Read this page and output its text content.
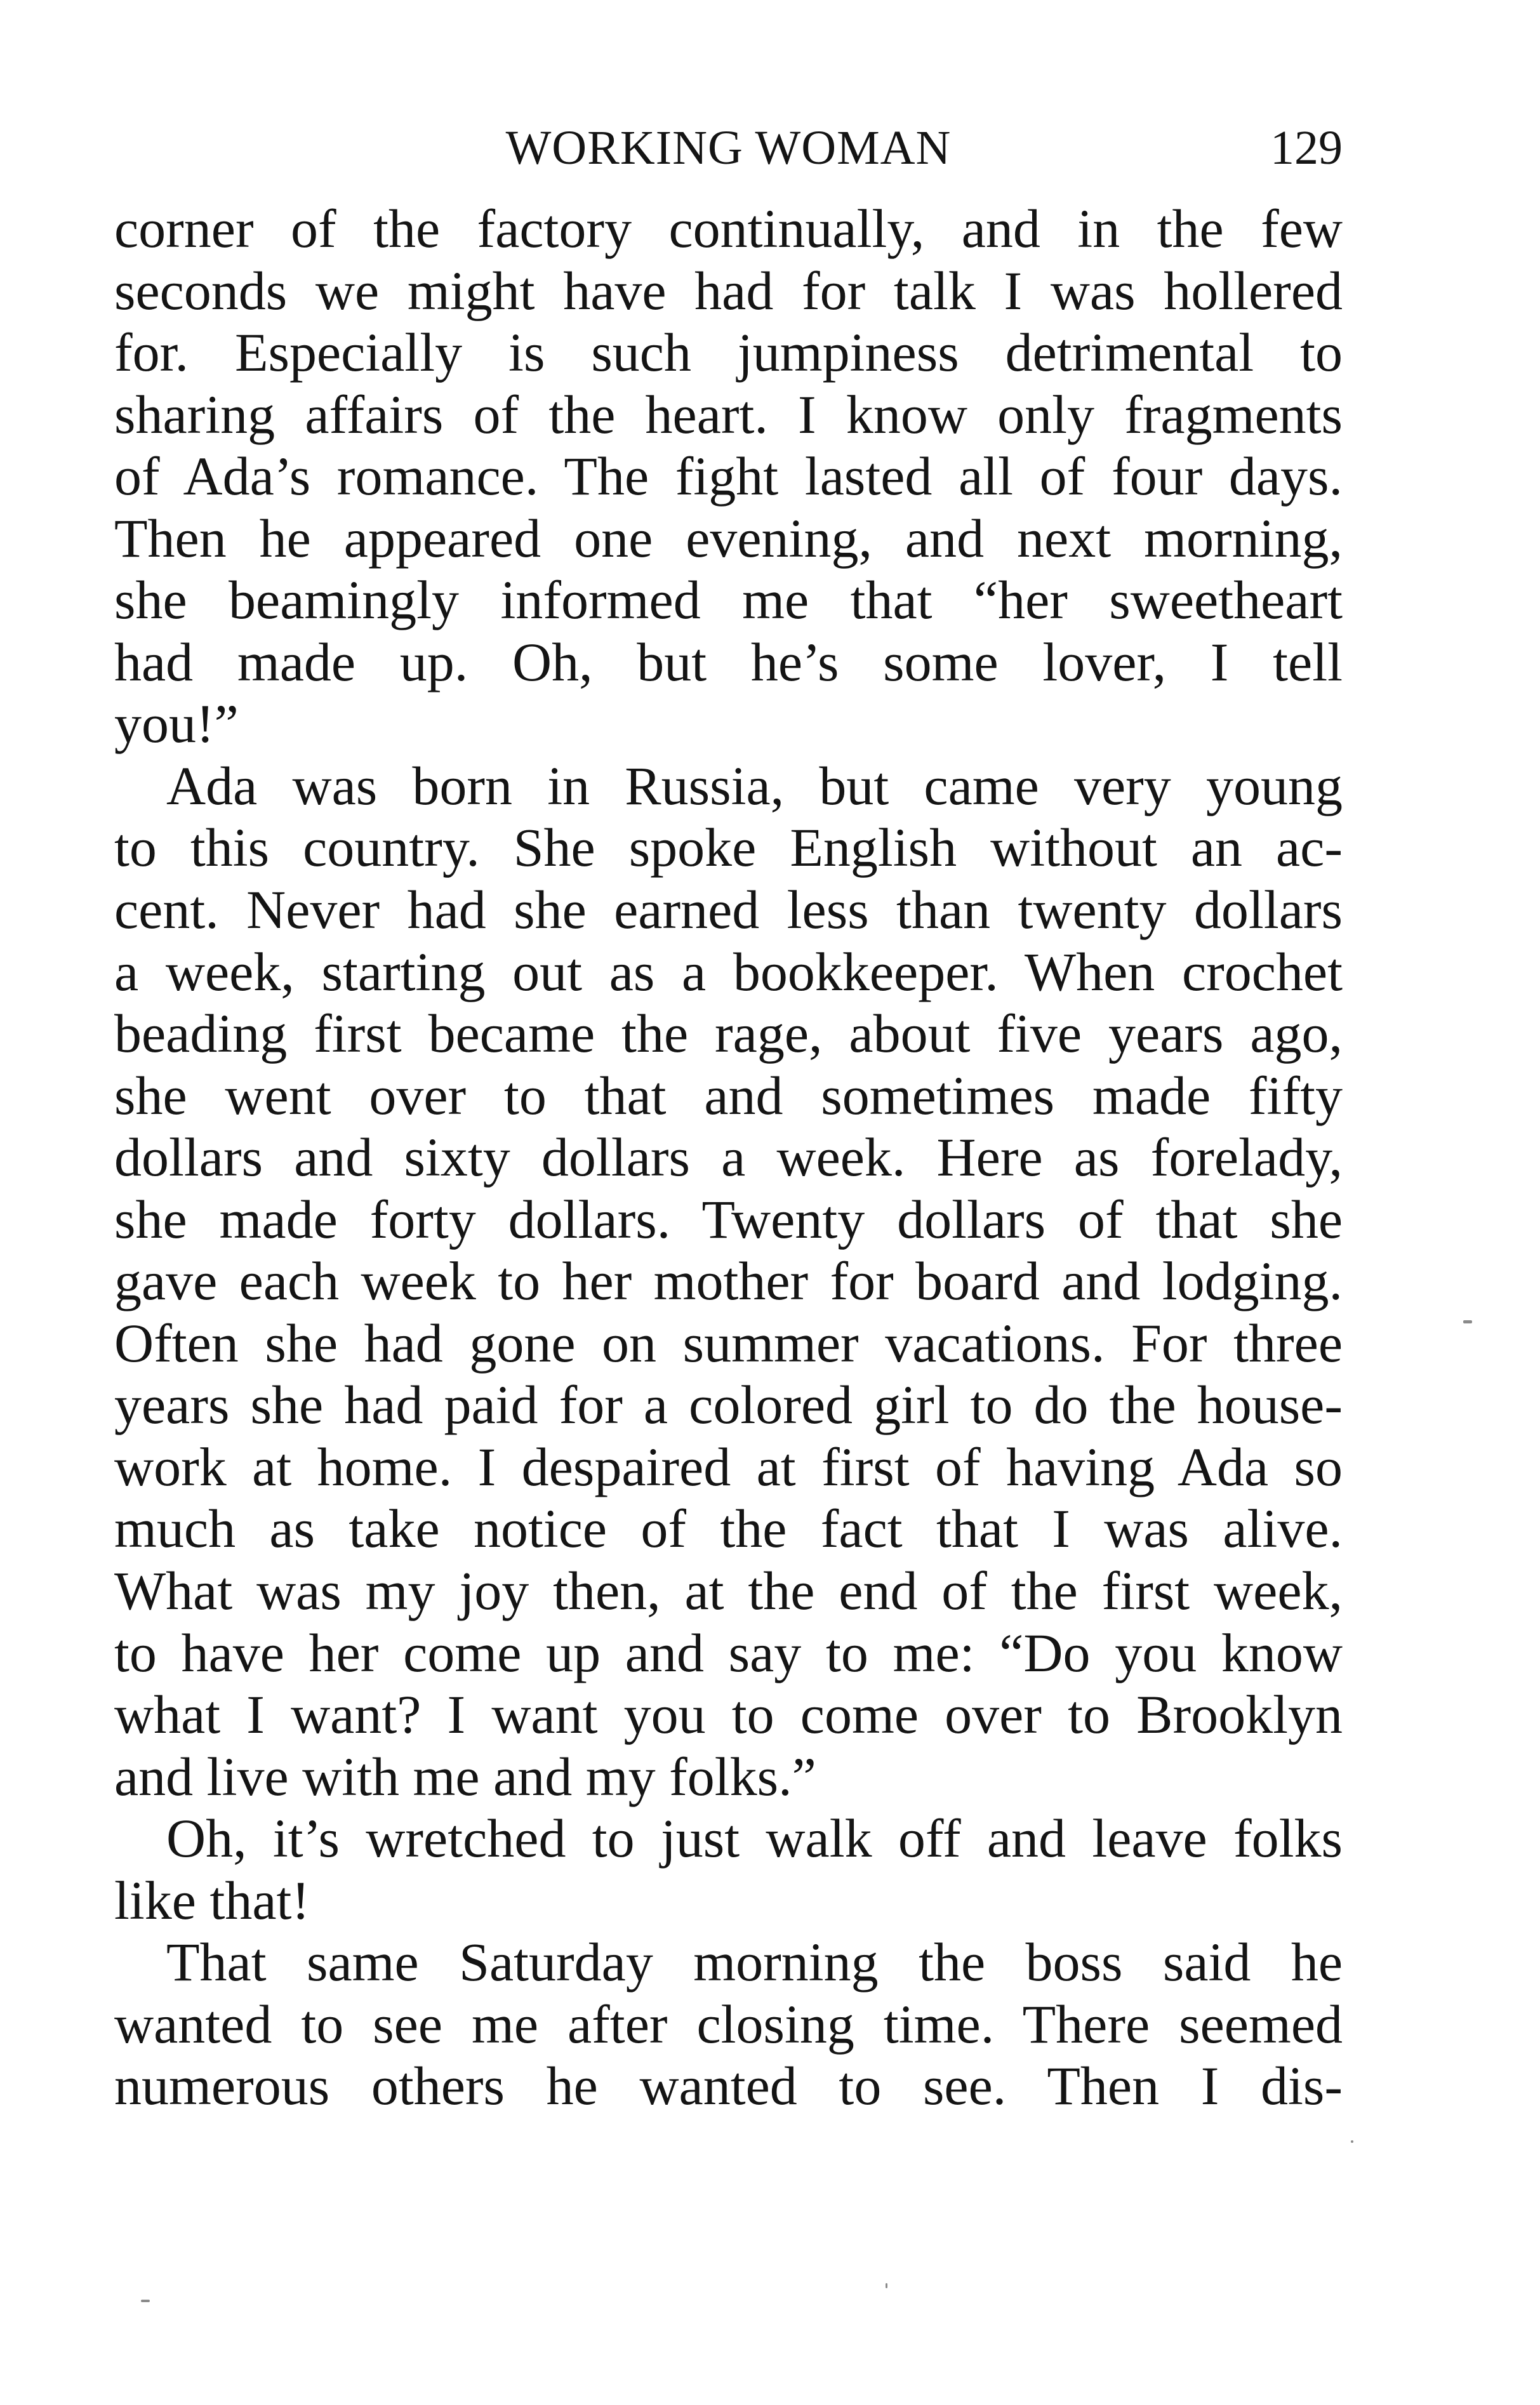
WORKING WOMAN	129
corner of the factory continually, and in the few
seconds we might have had for talk I was hollered
for. Especially is such jumpiness detrimental to
sharing affairs of the heart. I know only fragments
of Ada’s romance. The fight lasted all of four days.
Then he appeared one evening, and next morning,
she beamingly informed me that “her sweetheart
had made up. Oh, but he’s some lover, I tell
you!”
Ada was born in Russia, but came very young
to this country. She spoke English without an ac-
cent. Never had she earned less than twenty dollars
a week, starting out as a bookkeeper. When crochet
beading first became the rage, about five years ago,
she went over to that and sometimes made fifty
dollars and sixty dollars a week. Here as forelady,
she made forty dollars. Twenty dollars of that she
gave each week to her mother for board and lodging.
Often she had gone on summer vacations. For three
years she had paid for a colored girl to do the house-
work at home. I despaired at first of having Ada so
much as take notice of the fact that I was alive.
What was my joy then, at the end of the first week,
to have her come up and say to me: “Do you know
what I want? I want you to come over to Brooklyn
and live with me and my folks.”
Oh, it’s wretched to just walk off and leave folks
like that!
That same Saturday morning the boss said he
wanted to see me after closing time. There seemed
numerous others he wanted to see. Then I dis-
